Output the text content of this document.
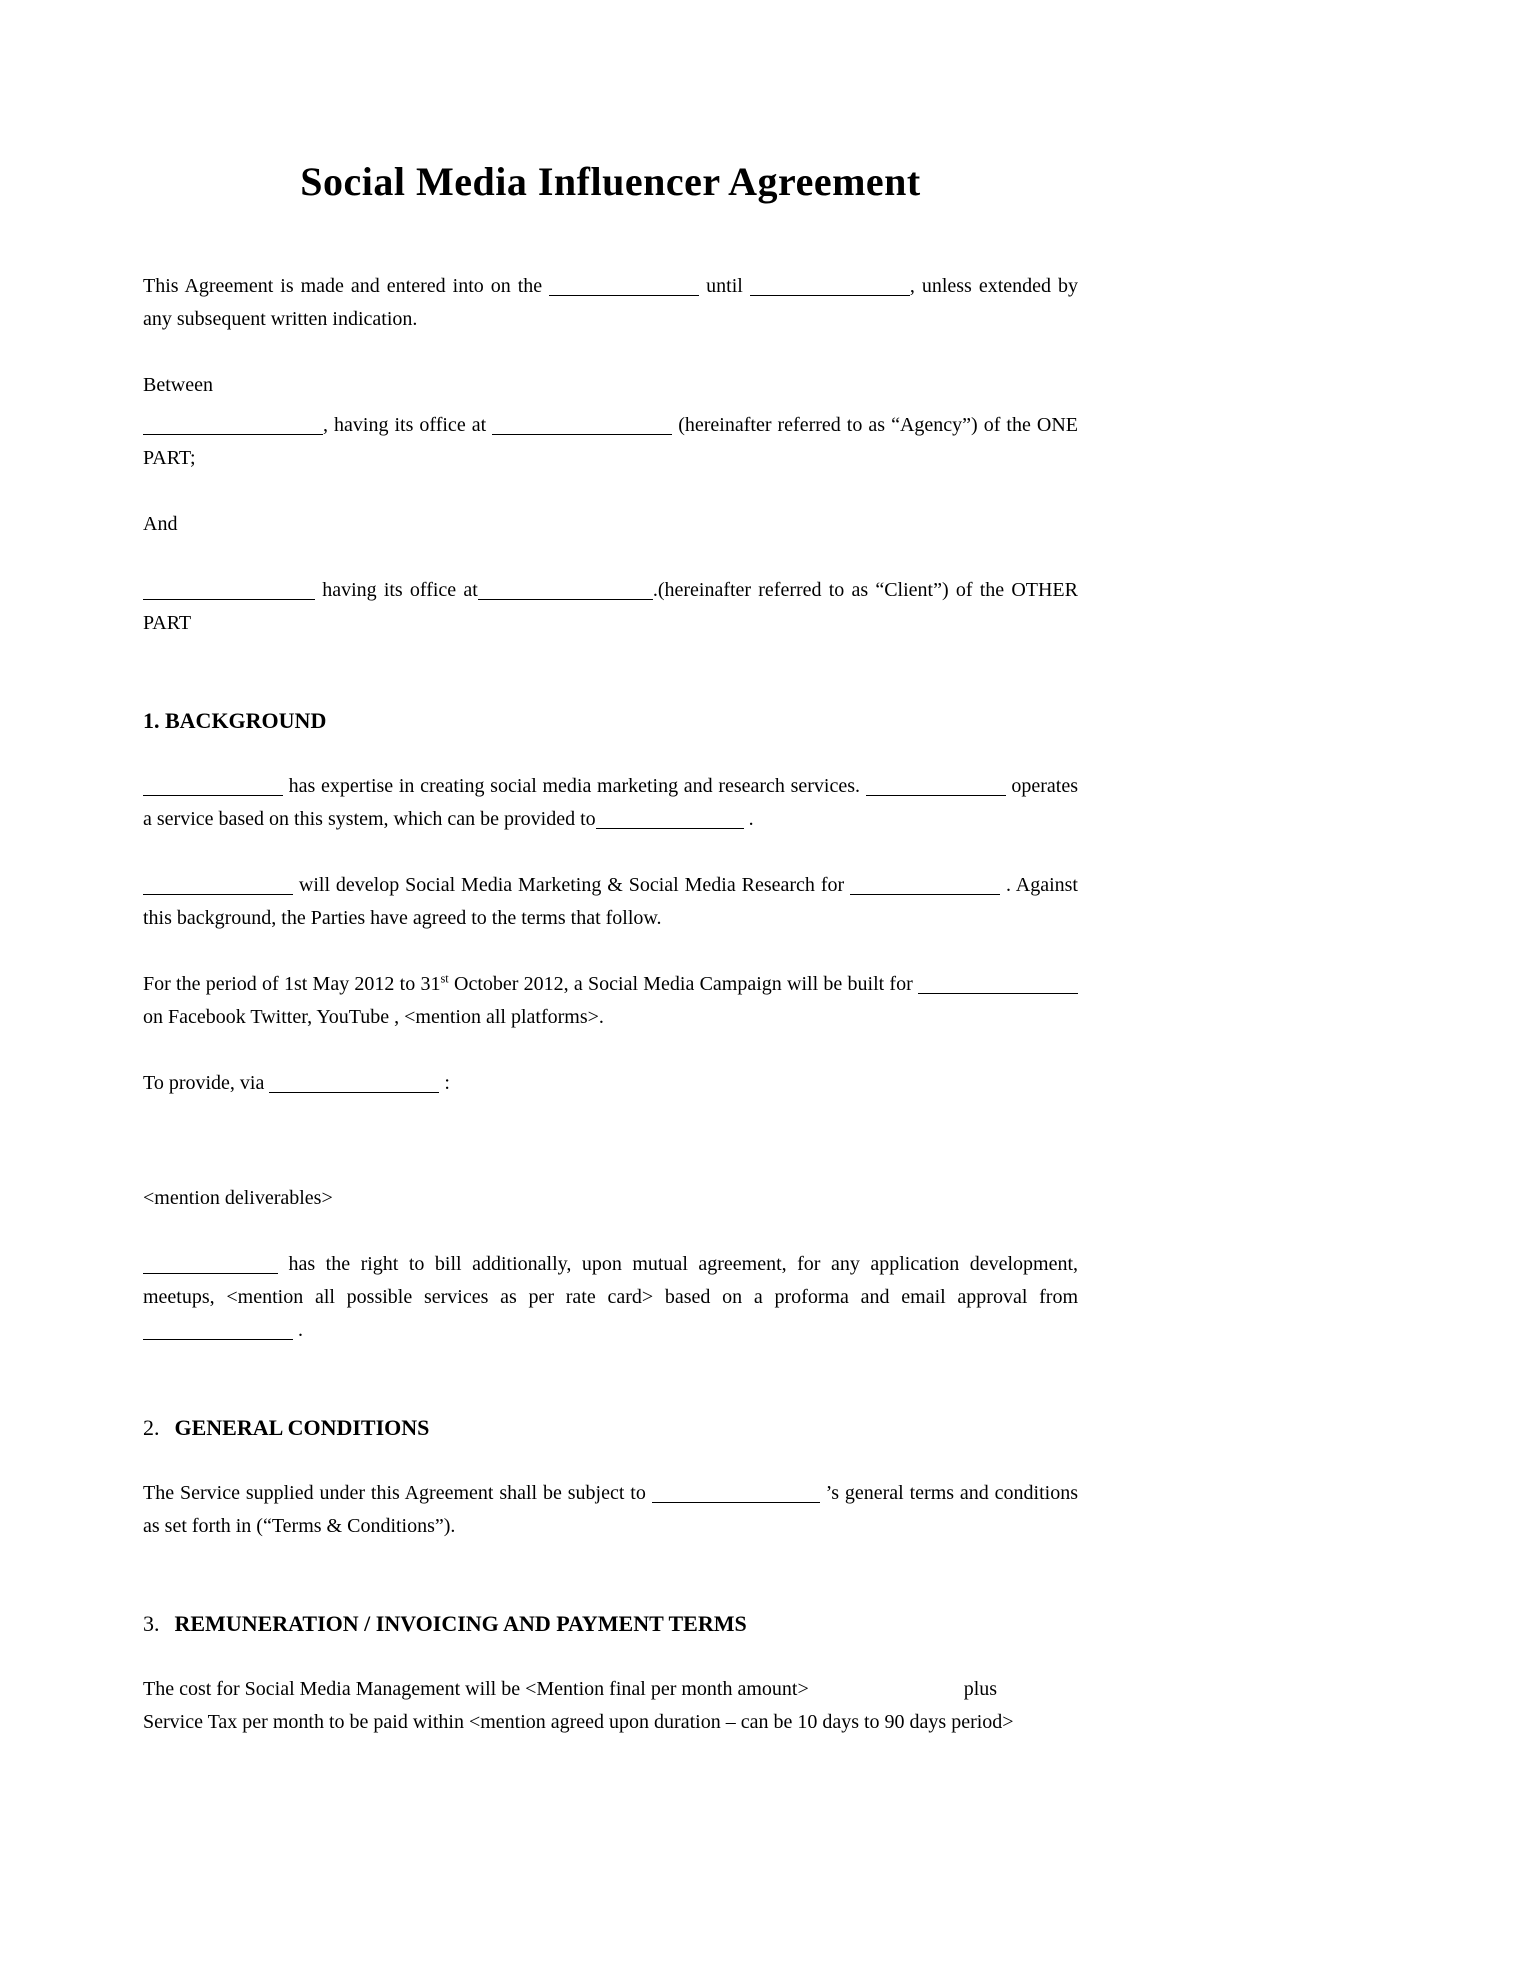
Social Media Influencer Agreement

This Agreement is made and entered into on the	until	, unless extended by any subsequent written indication.

Between

, having its office at	(hereinafter referred to as “Agency”) of the ONE PART;

And

having its office at	.(hereinafter referred to as “Client”) of the OTHER PART

1. BACKGROUND

has expertise in creating social media marketing and research services.	operates a service based on this system, which can be provided to	.

will develop Social Media Marketing & Social Media Research for	. Against this background, the Parties have agreed to the terms that follow.

For the period of 1st May 2012 to 31st October 2012, a Social Media Campaign will be built for  on Facebook Twitter, YouTube , <mention all platforms>.

To provide, via	:

<mention deliverables>

has the right to bill additionally, upon mutual agreement, for any application development, meetups, <mention all possible services as per rate card> based on a proforma and email approval from  .

2. GENERAL CONDITIONS

The Service supplied under this Agreement shall be subject to	’s general terms and conditions as set forth in (“Terms & Conditions”).

3. REMUNERATION / INVOICING AND PAYMENT TERMS

The cost for Social Media Management will be <Mention final per month amount>	plus
Service Tax per month to be paid within <mention agreed upon duration – can be 10 days to 90 days period>
